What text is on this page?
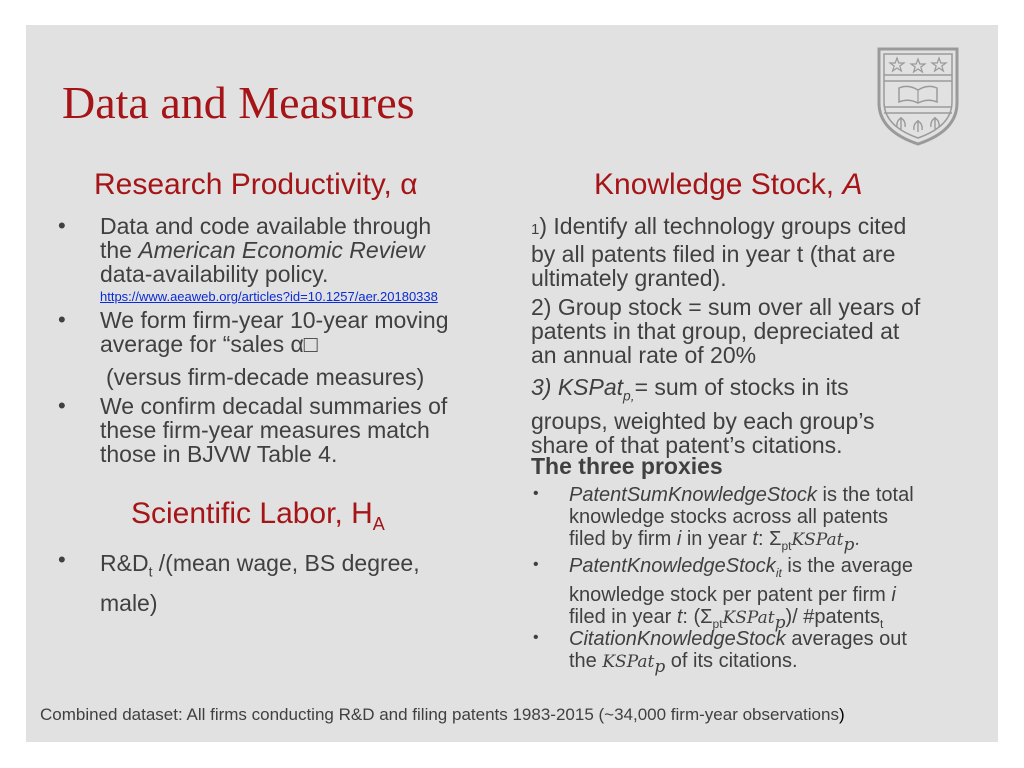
Data and Measures
Research Productivity, α
• Data and code available through
the American Economic Review
data-availability policy.
https://www.aeaweb.org/articles?id=10.1257/aer.20180338
• We form firm-year 10-year moving
average for “sales α□
(versus firm-decade measures)
• We confirm decadal summaries of
these firm-year measures match
those in BJVW Table 4.
Scientific Labor, $H_A$
• $R\&D_t$ /(mean wage, BS degree,
male)
Knowledge Stock, A
1) Identify all technology groups cited
by all patents filed in year t (that are
ultimately granted).
2) Group stock = sum over all years of
patents in that group, depreciated at
an annual rate of 20%
3) KSPat$_{p,}$= sum of stocks in its
groups, weighted by each group’s
share of that patent’s citations.
The three proxies
• PatentSumKnowledgeStock is the total
knowledge stocks across all patents
filed by firm i in year t: $\Sigma_{pt}KSPat_p$.
• PatentKnowledgeStock$_{it}$ is the average
knowledge stock per patent per firm i
filed in year t: $(\Sigma_{pt}KSPat_p)/$ #patents$_t$
• CitationKnowledgeStock averages out
the KSPat$_p$ of its citations.
Combined dataset: All firms conducting R&D and filing patents 1983-2015 (~34,000 firm-year observations)
